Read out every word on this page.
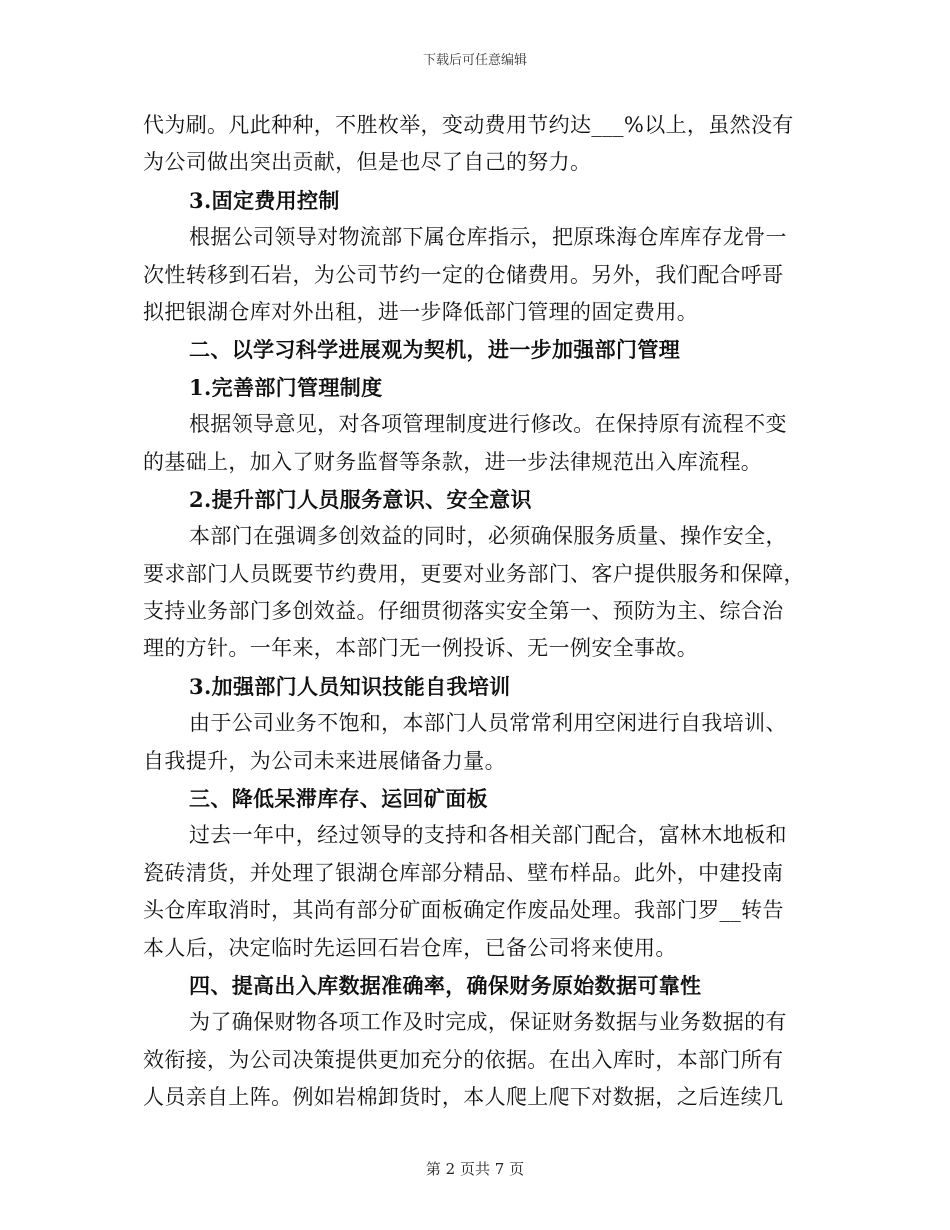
下载后可任意编辑
代为刷。凡此种种，不胜枚举，变动费用节约达___%以上，虽然没有
为公司做出突出贡献，但是也尽了自己的努力。
3.固定费用控制
根据公司领导对物流部下属仓库指示，把原珠海仓库库存龙骨一
次性转移到石岩，为公司节约一定的仓储费用。另外，我们配合呼哥
拟把银湖仓库对外出租，进一步降低部门管理的固定费用。
二、以学习科学进展观为契机，进一步加强部门管理
1.完善部门管理制度
根据领导意见，对各项管理制度进行修改。在保持原有流程不变
的基础上，加入了财务监督等条款，进一步法律规范出入库流程。
2.提升部门人员服务意识、安全意识
本部门在强调多创效益的同时，必须确保服务质量、操作安全，
要求部门人员既要节约费用，更要对业务部门、客户提供服务和保障，
支持业务部门多创效益。仔细贯彻落实安全第一、预防为主、综合治
理的方针。一年来，本部门无一例投诉、无一例安全事故。
3.加强部门人员知识技能自我培训
由于公司业务不饱和，本部门人员常常利用空闲进行自我培训、
自我提升，为公司未来进展储备力量。
三、降低呆滞库存、运回矿面板
过去一年中，经过领导的支持和各相关部门配合，富林木地板和
瓷砖清货，并处理了银湖仓库部分精品、壁布样品。此外，中建投南
头仓库取消时，其尚有部分矿面板确定作废品处理。我部门罗__转告
本人后，决定临时先运回石岩仓库，已备公司将来使用。
四、提高出入库数据准确率，确保财务原始数据可靠性
为了确保财物各项工作及时完成，保证财务数据与业务数据的有
效衔接，为公司决策提供更加充分的依据。在出入库时，本部门所有
人员亲自上阵。例如岩棉卸货时，本人爬上爬下对数据，之后连续几
第 2 页共 7 页
